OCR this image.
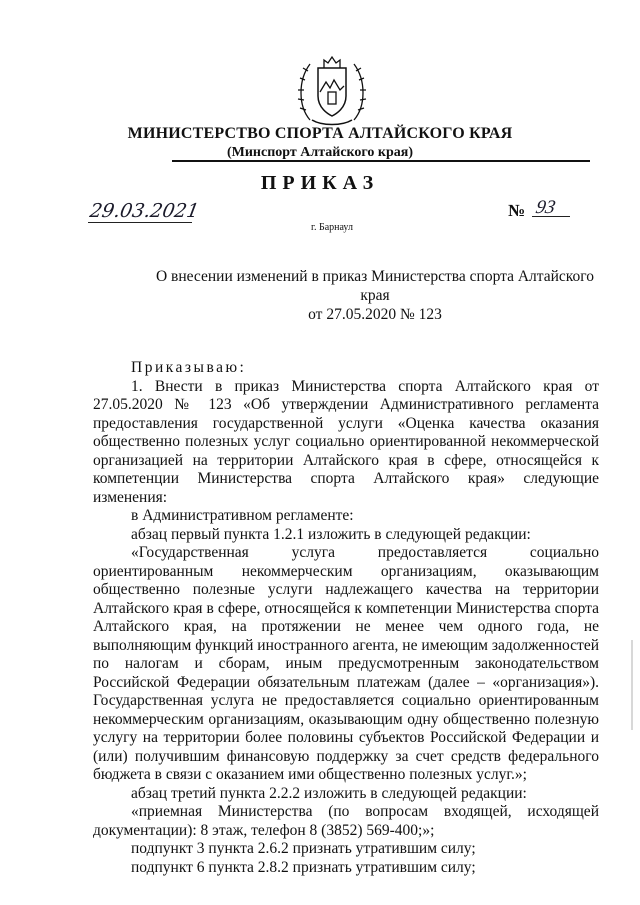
МИНИСТЕРСТВО СПОРТА АЛТАЙСКОГО КРАЯ
(Минспорт Алтайского края)
ПРИКАЗ
29.03.2021	№ 93
г. Барнаул
О внесении изменений в приказ Министерства спорта Алтайского края
от 27.05.2020 № 123

Приказываю:

1. Внести в приказ Министерства спорта Алтайского края от 27.05.2020 № 123 «Об утверждении Административного регламента предоставления государственной услуги «Оценка качества оказания общественно полезных услуг социально ориентированной некоммерческой организацией на территории Алтайского края в сфере, относящейся к компетенции Министерства спорта Алтайского края» следующие изменения:

в Административном регламенте:

абзац первый пункта 1.2.1 изложить в следующей редакции:

«Государственная услуга предоставляется социально ориентированным некоммерческим организациям, оказывающим общественно полезные услуги надлежащего качества на территории Алтайского края в сфере, относящейся к компетенции Министерства спорта Алтайского края, на протяжении не менее чем одного года, не выполняющим функций иностранного агента, не имеющим задолженностей по налогам и сборам, иным предусмотренным законодательством Российской Федерации обязательным платежам (далее – «организация»). Государственная услуга не предоставляется социально ориентированным некоммерческим организациям, оказывающим одну общественно полезную услугу на территории более половины субъектов Российской Федерации и (или) получившим финансовую поддержку за счет средств федерального бюджета в связи с оказанием ими общественно полезных услуг.»;

абзац третий пункта 2.2.2 изложить в следующей редакции:

«приемная Министерства (по вопросам входящей, исходящей документации): 8 этаж, телефон 8 (3852) 569-400;»;

подпункт 3 пункта 2.6.2 признать утратившим силу;

подпункт 6 пункта 2.8.2 признать утратившим силу;
